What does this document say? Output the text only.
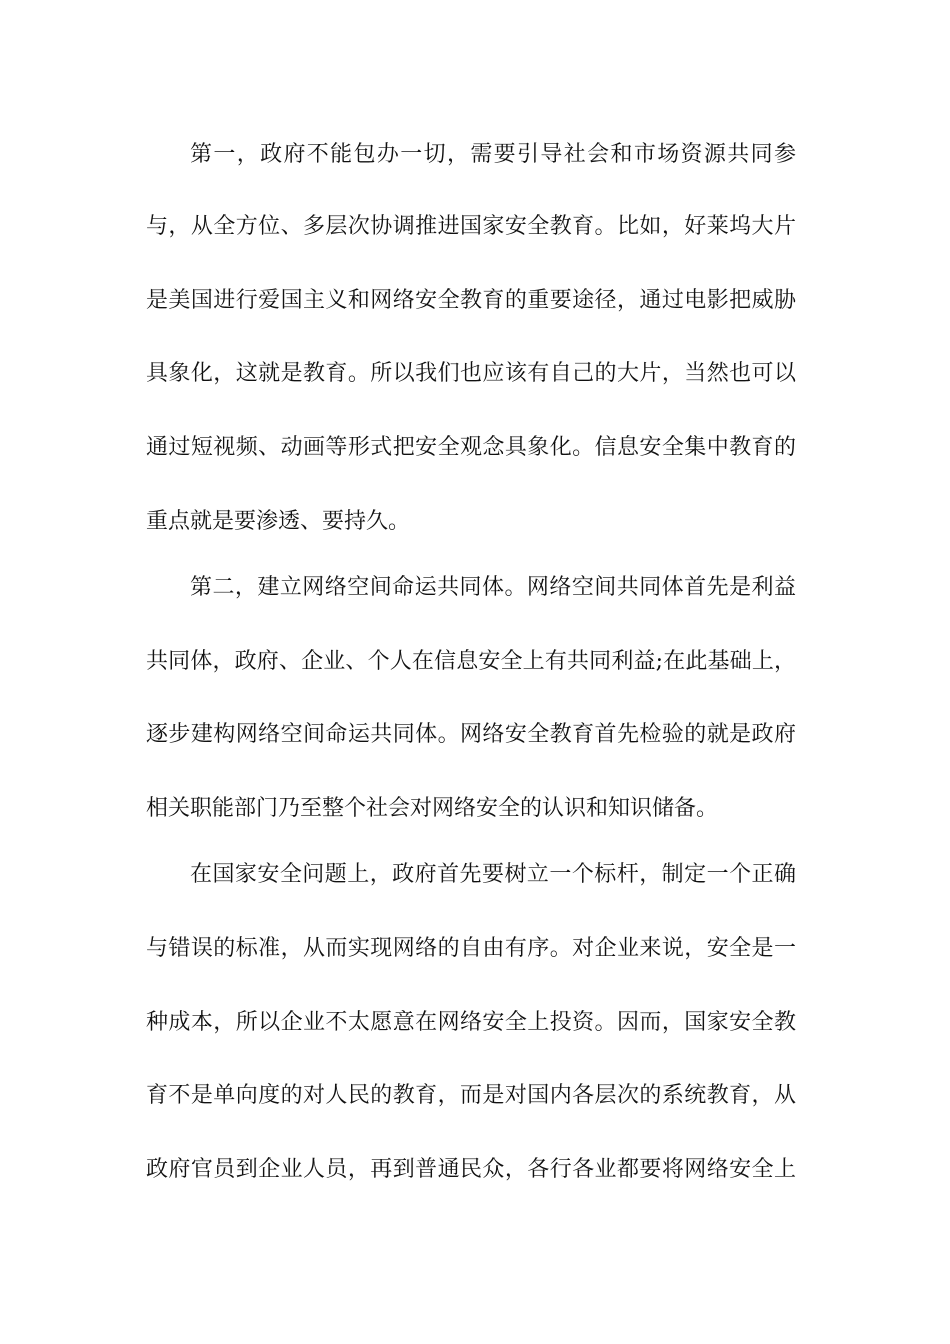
第一，政府不能包办一切，需要引导社会和市场资源共同参
与，从全方位、多层次协调推进国家安全教育。比如，好莱坞大片
是美国进行爱国主义和网络安全教育的重要途径，通过电影把威胁
具象化，这就是教育。所以我们也应该有自己的大片，当然也可以
通过短视频、动画等形式把安全观念具象化。信息安全集中教育的
重点就是要渗透、要持久。
第二，建立网络空间命运共同体。网络空间共同体首先是利益
共同体，政府、企业、个人在信息安全上有共同利益;在此基础上，
逐步建构网络空间命运共同体。网络安全教育首先检验的就是政府
相关职能部门乃至整个社会对网络安全的认识和知识储备。
在国家安全问题上，政府首先要树立一个标杆，制定一个正确
与错误的标准，从而实现网络的自由有序。对企业来说，安全是一
种成本，所以企业不太愿意在网络安全上投资。因而，国家安全教
育不是单向度的对人民的教育，而是对国内各层次的系统教育，从
政府官员到企业人员，再到普通民众，各行各业都要将网络安全上
